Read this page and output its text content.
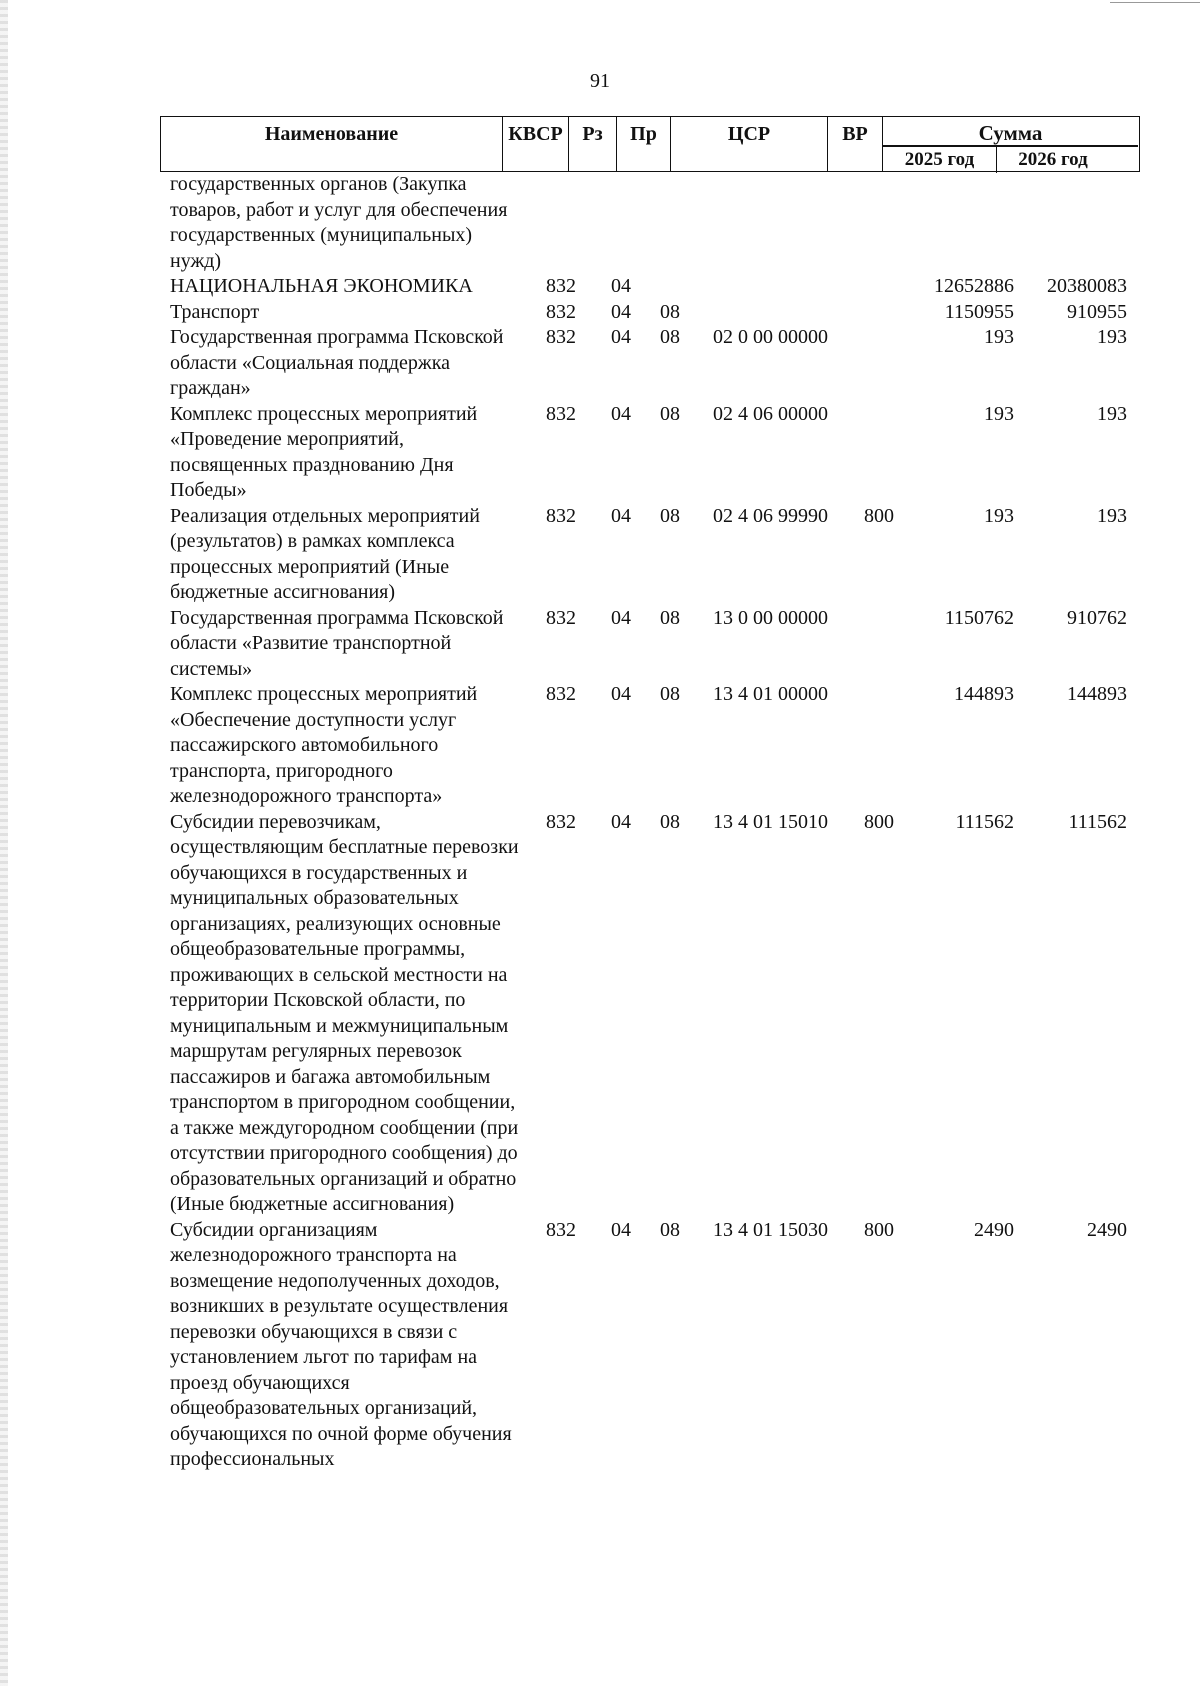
91
Наименование	КВСР Рз	Пр	ЦСР	ВР	Сумма
2025 год	2026 год
государственных органов (Закупка товаров, работ и услуг для обеспечения государственных (муниципальных) нужд)
НАЦИОНАЛЬНАЯ ЭКОНОМИКА	832 04	12652886	20380083
Транспорт	832 04 08	1150955	910955
Государственная программа Псковской области «Социальная поддержка граждан»
832 04 08 02 0 00 00000	193	193
Комплекс процессных мероприятий «Проведение мероприятий, посвященных празднованию Дня Победы»
832 04 08 02 4 06 00000	193	193
Реализация отдельных мероприятий (результатов) в рамках комплекса процессных мероприятий (Иные бюджетные ассигнования)
832 04 08 02 4 06 99990 800	193	193
Государственная программа Псковской области «Развитие транспортной системы»
832 04 08 13 0 00 00000	1150762	910762
Комплекс процессных мероприятий «Обеспечение доступности услуг пассажирского автомобильного транспорта, пригородного железнодорожного транспорта»
832 04 08 13 4 01 00000	144893	144893
Субсидии перевозчикам, осуществляющим бесплатные перевозки обучающихся в государственных и муниципальных образовательных организациях, реализующих основные общеобразовательные программы, проживающих в сельской местности на территории Псковской области, по муниципальным и межмуниципальным маршрутам регулярных перевозок пассажиров и багажа автомобильным транспортом в пригородном сообщении, а также междугородном сообщении (при отсутствии пригородного сообщения) до образовательных организаций и обратно (Иные бюджетные ассигнования)
832 04 08 13 4 01 15010 800	111562	111562
Субсидии организациям железнодорожного транспорта на возмещение недополученных доходов, возникших в результате осуществления перевозки обучающихся в связи с установлением льгот по тарифам на проезд обучающихся общеобразовательных организаций, обучающихся по очной форме обучения профессиональных
832 04 08 13 4 01 15030 800	2490	2490
